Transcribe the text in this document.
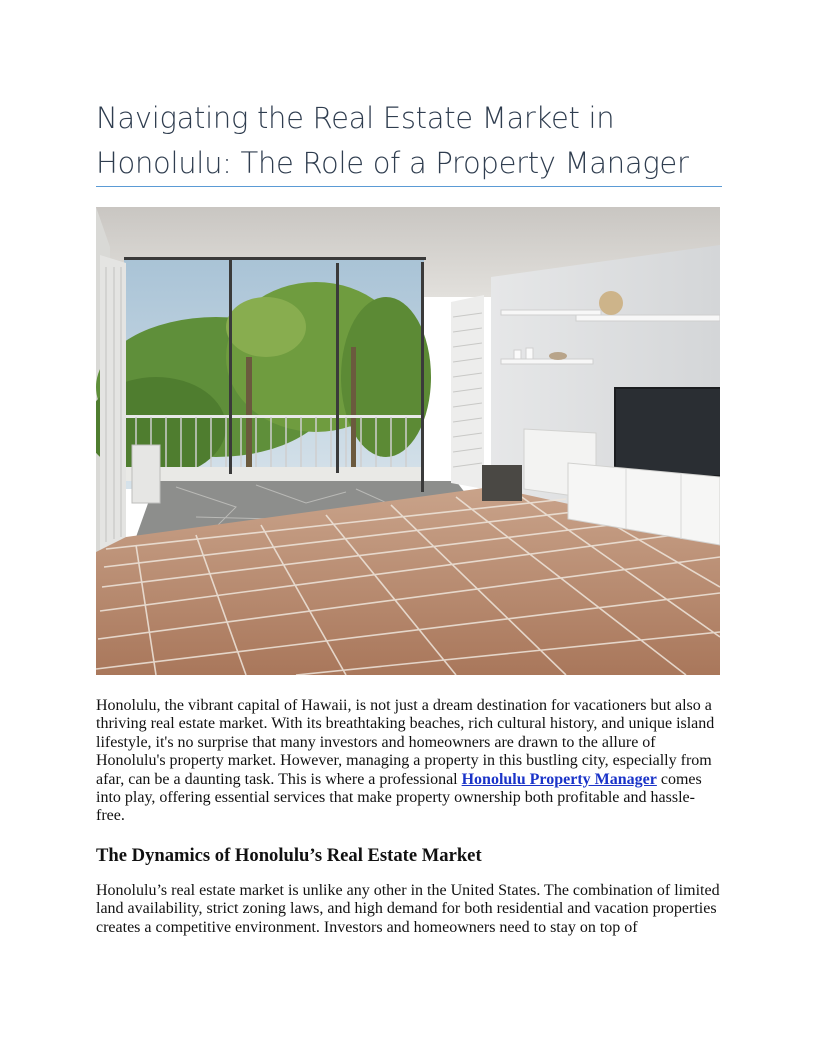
Navigating the Real Estate Market in
Honolulu: The Role of a Property Manager

Honolulu, the vibrant capital of Hawaii, is not just a dream destination for vacationers but also a thriving real estate market. With its breathtaking beaches, rich cultural history, and unique island lifestyle, it's no surprise that many investors and homeowners are drawn to the allure of Honolulu's property market. However, managing a property in this bustling city, especially from afar, can be a daunting task. This is where a professional Honolulu Property Manager comes into play, offering essential services that make property ownership both profitable and hassle-free.

The Dynamics of Honolulu’s Real Estate Market

Honolulu’s real estate market is unlike any other in the United States. The combination of limited land availability, strict zoning laws, and high demand for both residential and vacation properties creates a competitive environment. Investors and homeowners need to stay on top of
